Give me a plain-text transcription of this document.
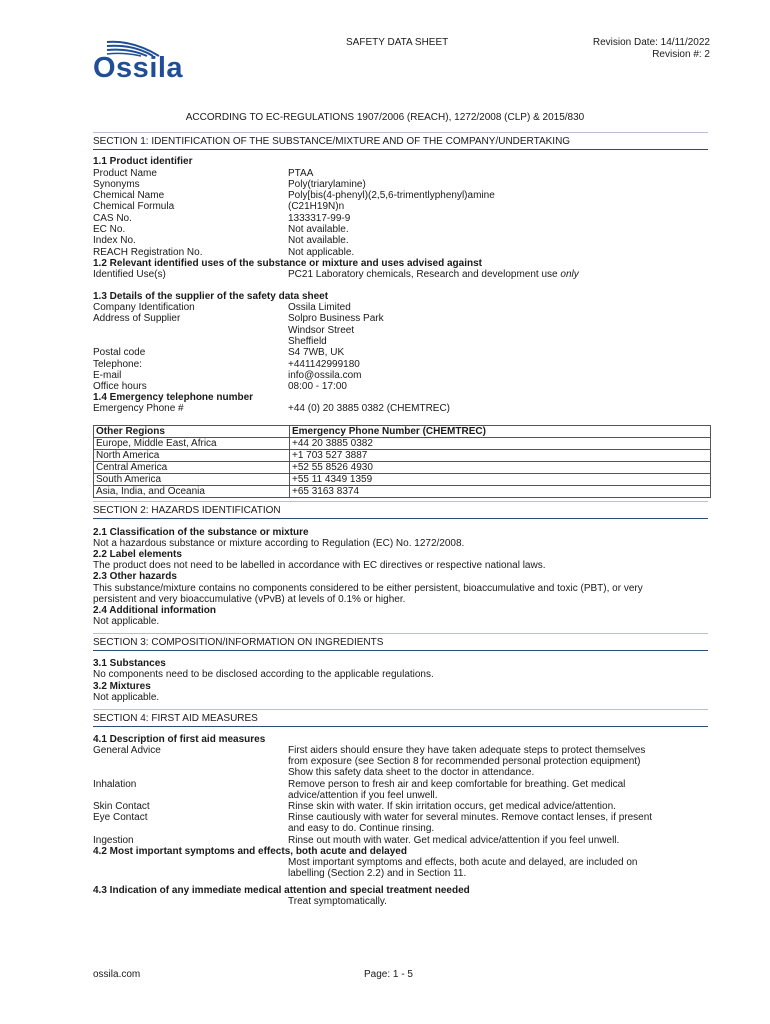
Ossila
SAFETY DATA SHEET	Revision Date: 14/11/2022
Revision #: 2
ACCORDING TO EC-REGULATIONS 1907/2006 (REACH), 1272/2008 (CLP) & 2015/830
SECTION 1: IDENTIFICATION OF THE SUBSTANCE/MIXTURE AND OF THE COMPANY/UNDERTAKING
1.1 Product identifier
Product Name	PTAA
Synonyms	Poly(triarylamine)
Chemical Name	Poly[bis(4-phenyl)(2,5,6-trimentlyphenyl)amine
Chemical Formula	(C21H19N)n
CAS No.	1333317-99-9
EC No.	Not available.
Index No.	Not available.
REACH Registration No.	Not applicable.
1.2 Relevant identified uses of the substance or mixture and uses advised against
Identified Use(s)	PC21 Laboratory chemicals, Research and development use only
1.3 Details of the supplier of the safety data sheet
Company Identification	Ossila Limited
Address of Supplier	Solpro Business Park
Windsor Street
Sheffield
Postal code	S4 7WB, UK
Telephone:	+441142999180
E-mail	info@ossila.com
Office hours	08:00 - 17:00
1.4 Emergency telephone number
Emergency Phone #	+44 (0) 20 3885 0382 (CHEMTREC)
Other Regions	Emergency Phone Number (CHEMTREC)
Europe, Middle East, Africa	+44 20 3885 0382
North America	+1 703 527 3887
Central America	+52 55 8526 4930
South America	+55 11 4349 1359
Asia, India, and Oceania	+65 3163 8374
SECTION 2: HAZARDS IDENTIFICATION
2.1 Classification of the substance or mixture
Not a hazardous substance or mixture according to Regulation (EC) No. 1272/2008.
2.2 Label elements
The product does not need to be labelled in accordance with EC directives or respective national laws.
2.3 Other hazards
This substance/mixture contains no components considered to be either persistent, bioaccumulative and toxic (PBT), or very
persistent and very bioaccumulative (vPvB) at levels of 0.1% or higher.
2.4 Additional information
Not applicable.
SECTION 3: COMPOSITION/INFORMATION ON INGREDIENTS
3.1 Substances
No components need to be disclosed according to the applicable regulations.
3.2 Mixtures
Not applicable.
SECTION 4: FIRST AID MEASURES
4.1 Description of first aid measures
General Advice	First aiders should ensure they have taken adequate steps to protect themselves
from exposure (see Section 8 for recommended personal protection equipment)
Show this safety data sheet to the doctor in attendance.
Inhalation	Remove person to fresh air and keep comfortable for breathing. Get medical
advice/attention if you feel unwell.
Skin Contact	Rinse skin with water. If skin irritation occurs, get medical advice/attention.
Eye Contact	Rinse cautiously with water for several minutes. Remove contact lenses, if present
and easy to do. Continue rinsing.
Ingestion	Rinse out mouth with water. Get medical advice/attention if you feel unwell.
4.2 Most important symptoms and effects, both acute and delayed
Most important symptoms and effects, both acute and delayed, are included on
labelling (Section 2.2) and in Section 11.
4.3 Indication of any immediate medical attention and special treatment needed
Treat symptomatically.
ossila.com	Page: 1 - 5
